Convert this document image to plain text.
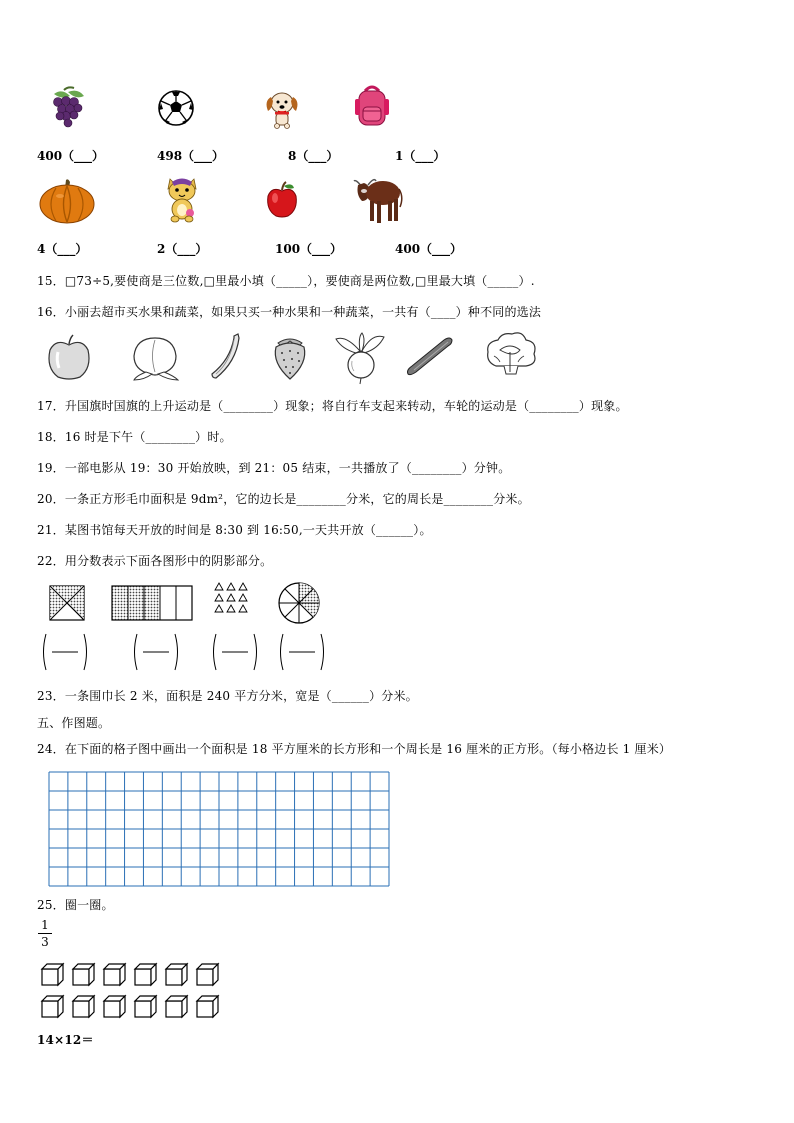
400（___）	498（___）	8（___）	1（___）
4（___）	2（___）	100（___）	400（___）
15．□73÷5,要使商是三位数,□里最小填（_____），要使商是两位数,□里最大填（_____）.
16．小丽去超市买水果和蔬菜，如果只买一种水果和一种蔬菜，一共有（____）种不同的选法
17．升国旗时国旗的上升运动是（________）现象；将自行车支起来转动，车轮的运动是（________）现象。
18．16 时是下午（________）时。
19．一部电影从 19：30 开始放映，到 21：05 结束，一共播放了（________）分钟。
20．一条正方形毛巾面积是 9dm²，它的边长是________分米，它的周长是________分米。
21．某图书馆每天开放的时间是 8:30 到 16:50,一天共开放（______）。
22．用分数表示下面各图形中的阴影部分。
23．一条围巾长 2 米，面积是 240 平方分米，宽是（______）分米。
五、作图题。
24．在下面的格子图中画出一个面积是 18 平方厘米的长方形和一个周长是 16 厘米的正方形。（每小格边长 1 厘米）
25．圈一圈。
1
3
14×12＝
